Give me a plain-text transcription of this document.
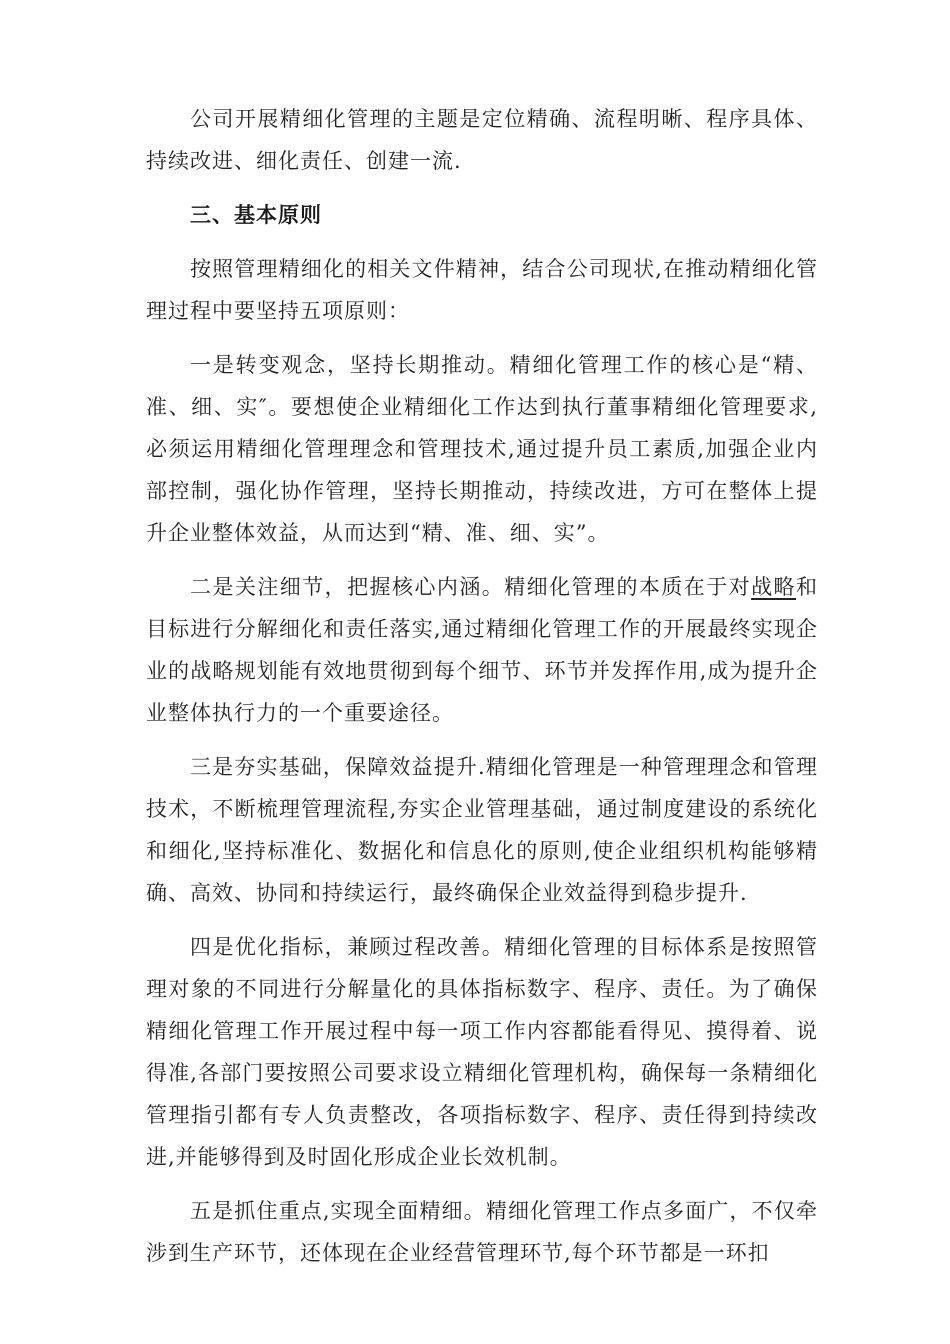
公司开展精细化管理的主题是定位精确、流程明晰、程序具体、持续改进、细化责任、创建一流.

三、基本原则

按照管理精细化的相关文件精神，结合公司现状,在推动精细化管理过程中要坚持五项原则：

一是转变观念，坚持长期推动。精细化管理工作的核心是“精、准、细、实″。要想使企业精细化工作达到执行董事精细化管理要求,必须运用精细化管理理念和管理技术,通过提升员工素质,加强企业内部控制，强化协作管理，坚持长期推动，持续改进，方可在整体上提升企业整体效益，从而达到“精、准、细、实”。

二是关注细节，把握核心内涵。精细化管理的本质在于对战略和目标进行分解细化和责任落实,通过精细化管理工作的开展最终实现企业的战略规划能有效地贯彻到每个细节、环节并发挥作用,成为提升企业整体执行力的一个重要途径。

三是夯实基础，保障效益提升.精细化管理是一种管理理念和管理技术，不断梳理管理流程,夯实企业管理基础，通过制度建设的系统化和细化,坚持标准化、数据化和信息化的原则,使企业组织机构能够精确、高效、协同和持续运行，最终确保企业效益得到稳步提升.

四是优化指标，兼顾过程改善。精细化管理的目标体系是按照管理对象的不同进行分解量化的具体指标数字、程序、责任。为了确保精细化管理工作开展过程中每一项工作内容都能看得见、摸得着、说得准,各部门要按照公司要求设立精细化管理机构，确保每一条精细化管理指引都有专人负责整改，各项指标数字、程序、责任得到持续改进,并能够得到及时固化形成企业长效机制。

五是抓住重点,实现全面精细。精细化管理工作点多面广，不仅牵涉到生产环节，还体现在企业经营管理环节,每个环节都是一环扣
